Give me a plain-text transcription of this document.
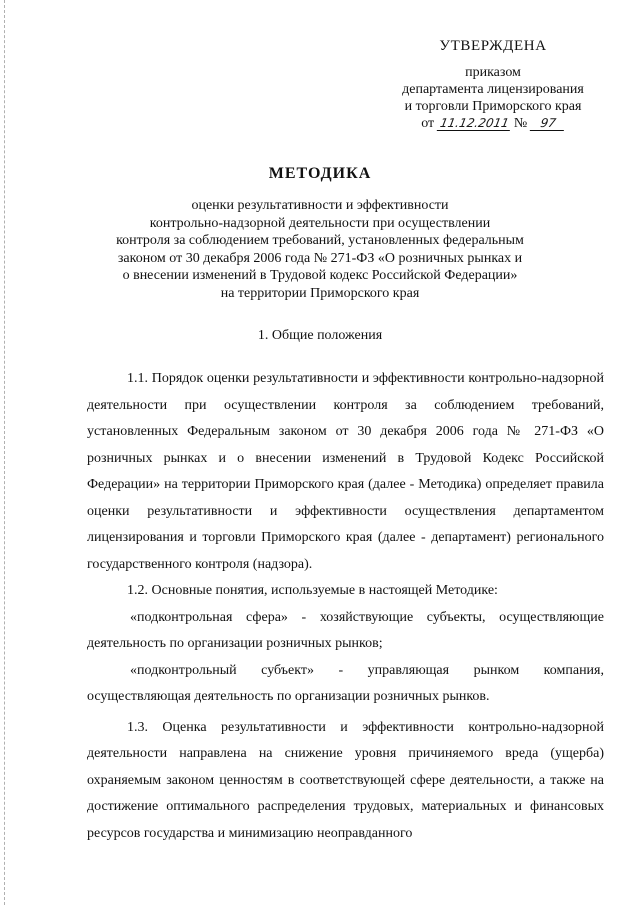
УТВЕРЖДЕНА
приказом
департамента лицензирования
и торговли Приморского края
от 11.12.2011 № 97
МЕТОДИКА
оценки результативности и эффективности
контрольно-надзорной деятельности при осуществлении
контроля за соблюдением требований, установленных федеральным
законом от 30 декабря 2006 года № 271-ФЗ «О розничных рынках и
о внесении изменений в Трудовой кодекс Российской Федерации»
на территории Приморского края
1. Общие положения

1.1. Порядок оценки результативности и эффективности контрольно-надзорной деятельности при осуществлении контроля за соблюдением требований, установленных Федеральным законом от 30 декабря 2006 года № 271-ФЗ «О розничных рынках и о внесении изменений в Трудовой Кодекс Российской Федерации» на территории Приморского края (далее - Методика) определяет правила оценки результативности и эффективности осуществления департаментом лицензирования и торговли Приморского края (далее - департамент) регионального государственного контроля (надзора).

1.2. Основные понятия, используемые в настоящей Методике:

«подконтрольная сфера» - хозяйствующие субъекты, осуществляющие деятельность по организации розничных рынков;

«подконтрольный субъект» - управляющая рынком компания, осуществляющая деятельность по организации розничных рынков.

1.3. Оценка результативности и эффективности контрольно-надзорной деятельности направлена на снижение уровня причиняемого вреда (ущерба) охраняемым законом ценностям в соответствующей сфере деятельности, а также на достижение оптимального распределения трудовых, материальных и финансовых ресурсов государства и минимизацию неоправданного
